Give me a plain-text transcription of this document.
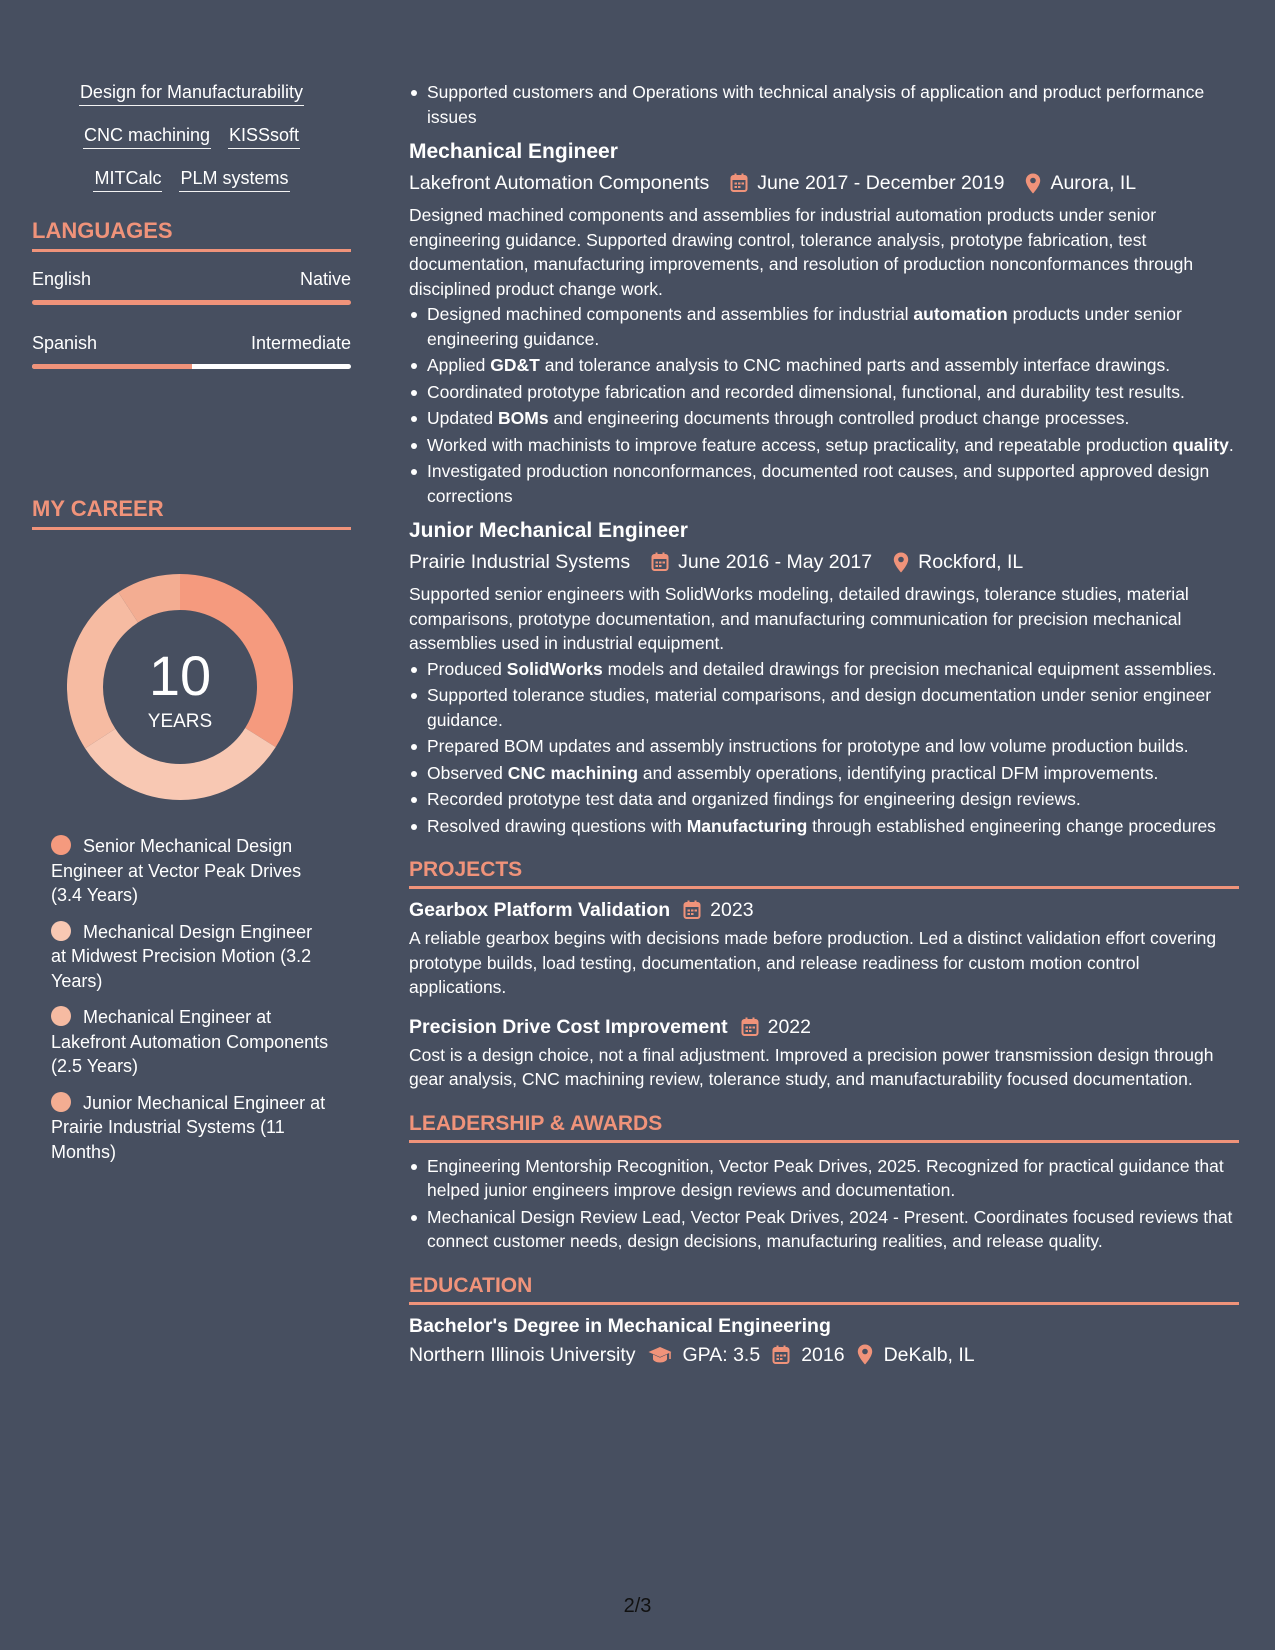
Design for Manufacturability
CNC machining KISSsoft
MITCalc PLM systems
LANGUAGES
English	Native
Spanish	Intermediate
MY CAREER
10
YEARS
Senior Mechanical Design Engineer at Vector Peak Drives (3.4 Years)
Mechanical Design Engineer at Midwest Precision Motion (3.2 Years)
Mechanical Engineer at Lakefront Automation Components (2.5 Years)
Junior Mechanical Engineer at Prairie Industrial Systems (11 Months)
Supported customers and Operations with technical analysis of application and product performance issues
Mechanical Engineer
Lakefront Automation Components June 2017 - December 2019 Aurora, IL
Designed machined components and assemblies for industrial automation products under senior engineering guidance. Supported drawing control, tolerance analysis, prototype fabrication, test documentation, manufacturing improvements, and resolution of production nonconformances through disciplined product change work.
Designed machined components and assemblies for industrial automation products under senior engineering guidance.
Applied GD&T and tolerance analysis to CNC machined parts and assembly interface drawings.
Coordinated prototype fabrication and recorded dimensional, functional, and durability test results.
Updated BOMs and engineering documents through controlled product change processes.
Worked with machinists to improve feature access, setup practicality, and repeatable production quality.
Investigated production nonconformances, documented root causes, and supported approved design corrections
Junior Mechanical Engineer
Prairie Industrial Systems June 2016 - May 2017 Rockford, IL
Supported senior engineers with SolidWorks modeling, detailed drawings, tolerance studies, material comparisons, prototype documentation, and manufacturing communication for precision mechanical assemblies used in industrial equipment.
Produced SolidWorks models and detailed drawings for precision mechanical equipment assemblies.
Supported tolerance studies, material comparisons, and design documentation under senior engineer guidance.
Prepared BOM updates and assembly instructions for prototype and low volume production builds.
Observed CNC machining and assembly operations, identifying practical DFM improvements.
Recorded prototype test data and organized findings for engineering design reviews.
Resolved drawing questions with Manufacturing through established engineering change procedures
PROJECTS
Gearbox Platform Validation 2023
A reliable gearbox begins with decisions made before production. Led a distinct validation effort covering prototype builds, load testing, documentation, and release readiness for custom motion control applications.
Precision Drive Cost Improvement 2022
Cost is a design choice, not a final adjustment. Improved a precision power transmission design through gear analysis, CNC machining review, tolerance study, and manufacturability focused documentation.
LEADERSHIP & AWARDS
Engineering Mentorship Recognition, Vector Peak Drives, 2025. Recognized for practical guidance that helped junior engineers improve design reviews and documentation.
Mechanical Design Review Lead, Vector Peak Drives, 2024 - Present. Coordinates focused reviews that connect customer needs, design decisions, manufacturing realities, and release quality.
EDUCATION
Bachelor's Degree in Mechanical Engineering
Northern Illinois University GPA: 3.5 2016 DeKalb, IL
2/3
